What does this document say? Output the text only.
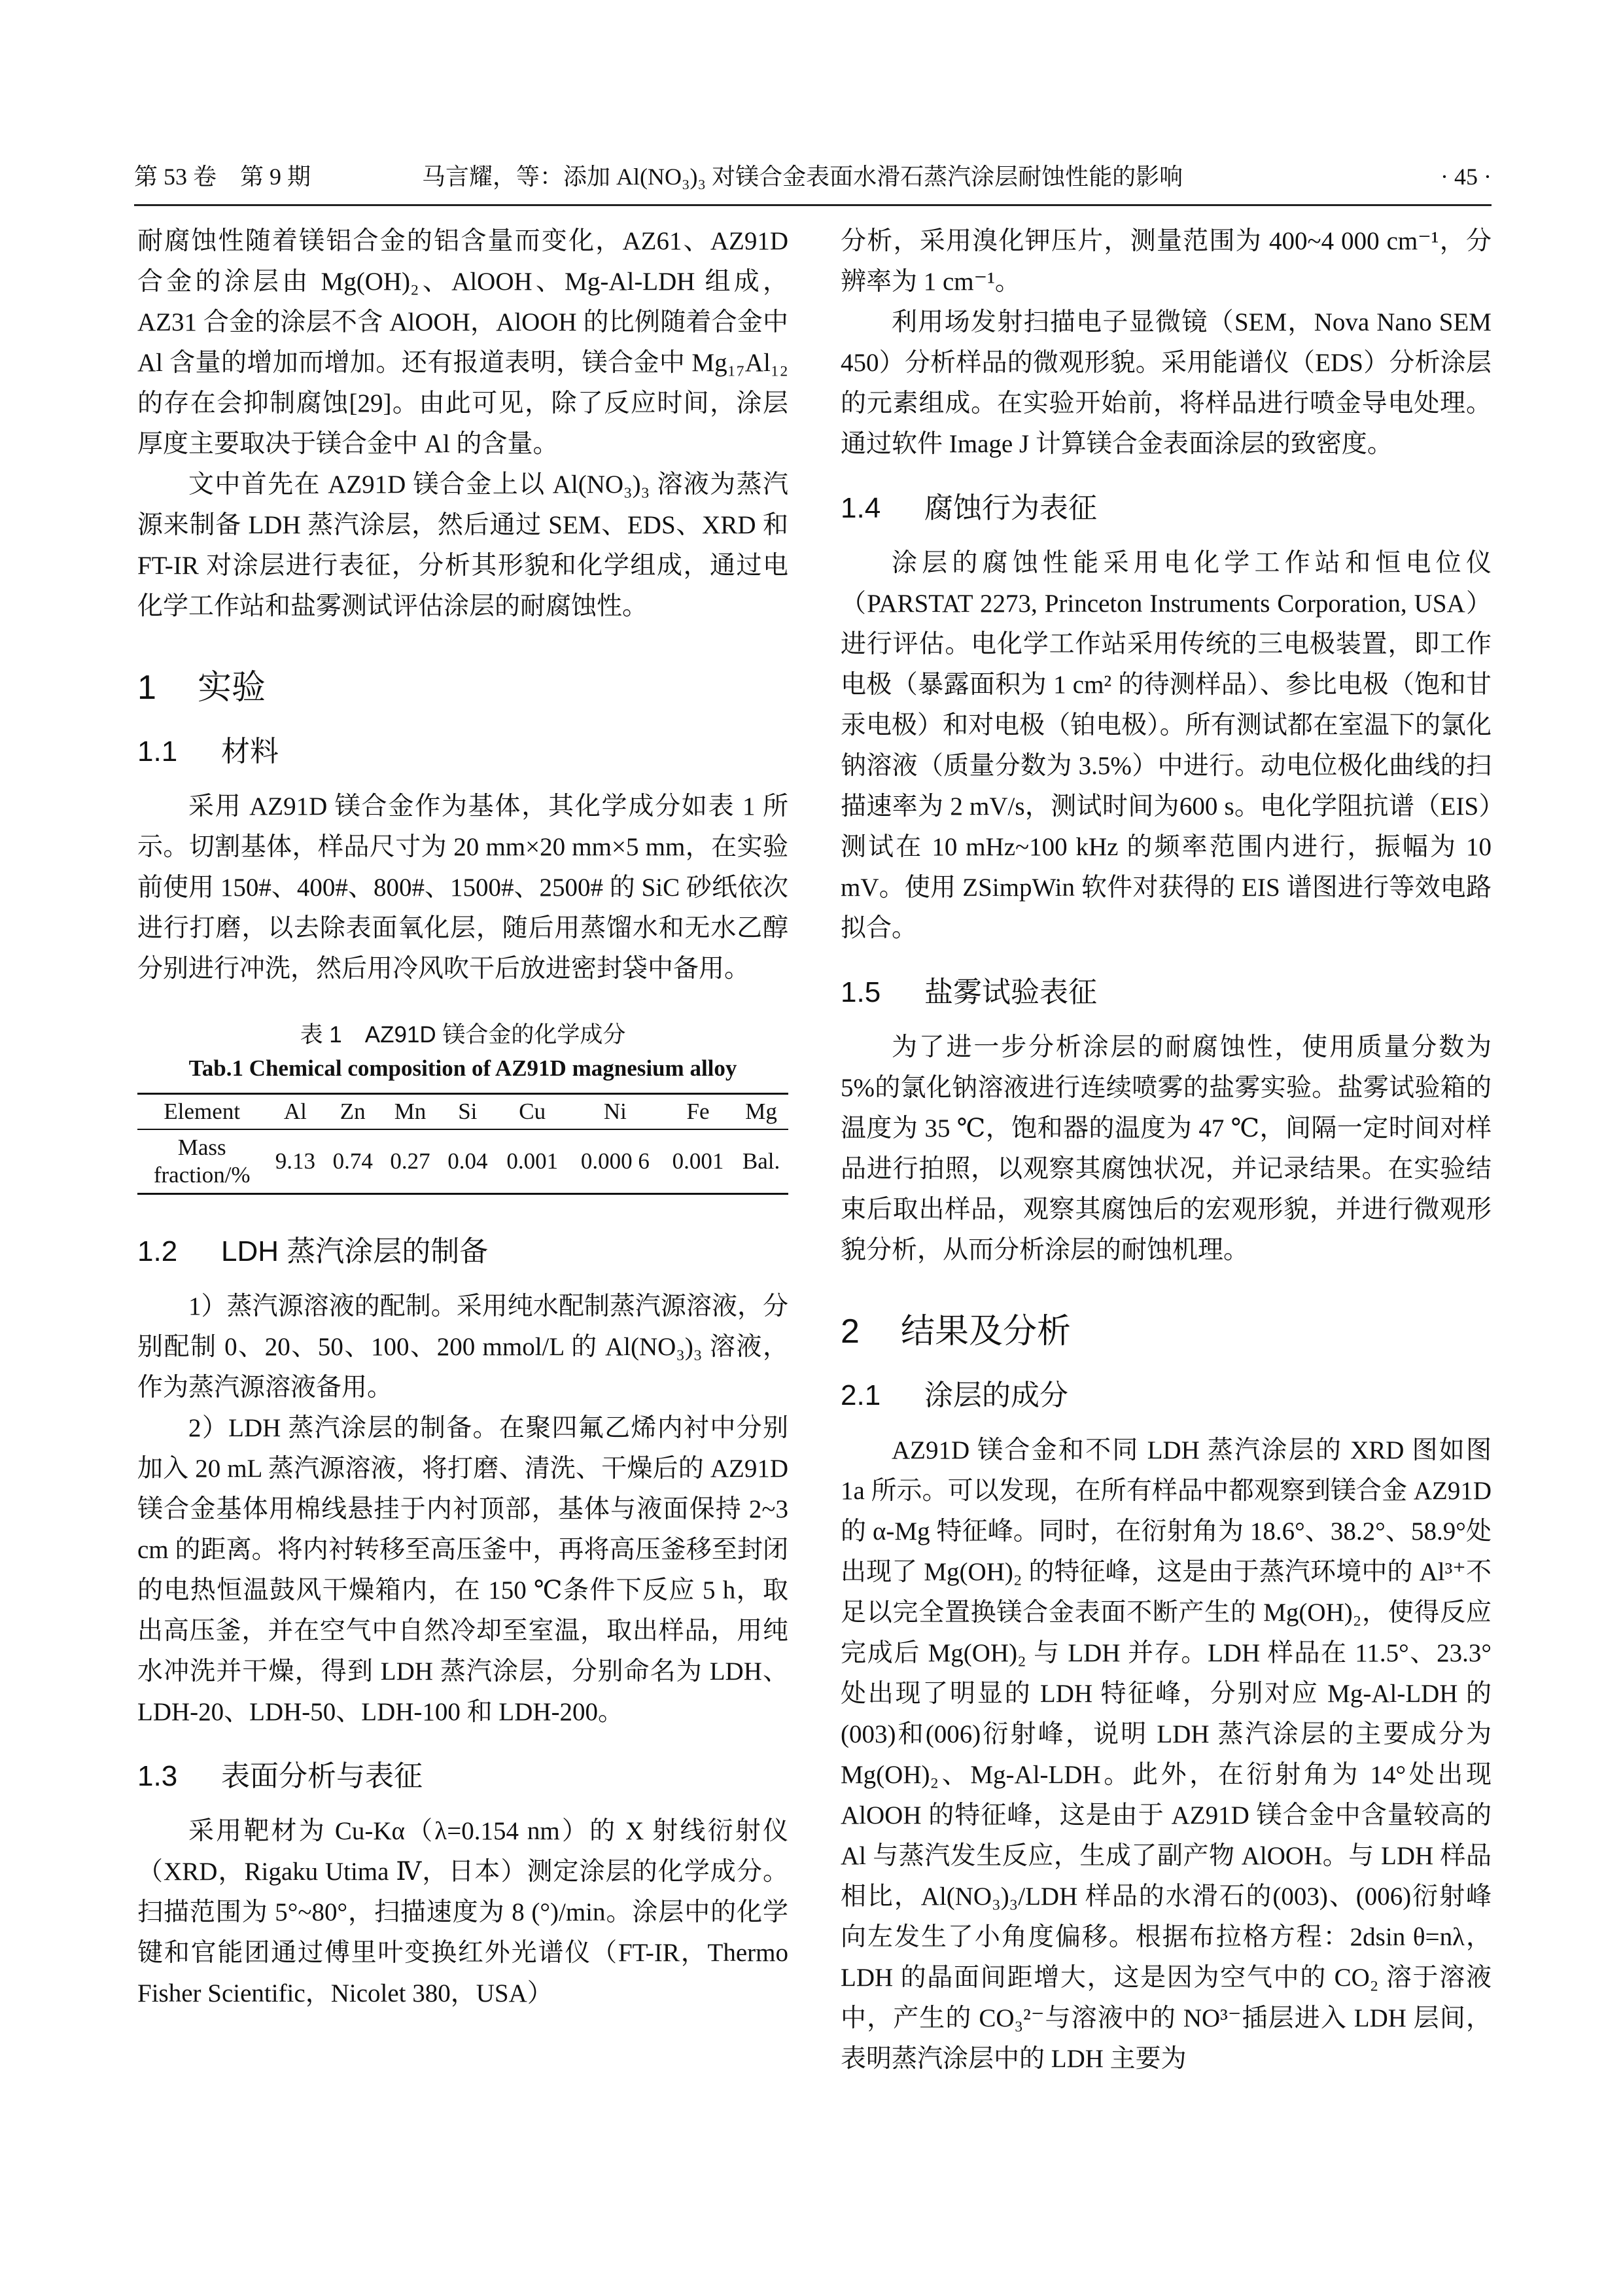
第 53 卷　第 9 期	马言耀，等：添加 Al(NO₃)₃ 对镁合金表面水滑石蒸汽涂层耐蚀性能的影响	· 45 ·

耐腐蚀性随着镁铝合金的铝含量而变化，AZ61、AZ91D 合金的涂层由 Mg(OH)₂、AlOOH、Mg-Al-LDH 组成，AZ31 合金的涂层不含 AlOOH，AlOOH 的比例随着合金中 Al 含量的增加而增加。还有报道表明，镁合金中 Mg₁₇Al₁₂ 的存在会抑制腐蚀[29]。由此可见，除了反应时间，涂层厚度主要取决于镁合金中 Al 的含量。

文中首先在 AZ91D 镁合金上以 Al(NO₃)₃ 溶液为蒸汽源来制备 LDH 蒸汽涂层，然后通过 SEM、EDS、XRD 和 FT-IR 对涂层进行表征，分析其形貌和化学组成，通过电化学工作站和盐雾测试评估涂层的耐腐蚀性。

1 实验
1.1 材料

采用 AZ91D 镁合金作为基体，其化学成分如表 1 所示。切割基体，样品尺寸为 20 mm×20 mm×5 mm，在实验前使用 150#、400#、800#、1500#、2500# 的 SiC 砂纸依次进行打磨，以去除表面氧化层，随后用蒸馏水和无水乙醇分别进行冲洗，然后用冷风吹干后放进密封袋中备用。

表 1　AZ91D 镁合金的化学成分
Tab.1 Chemical composition of AZ91D magnesium alloy
Element	Al	Zn	Mn	Si	Cu	Ni	Fe	Mg
Mass
fraction/%	9.13	0.74	0.27	0.04	0.001	0.000 6	0.001	Bal.
1.2 LDH 蒸汽涂层的制备

1）蒸汽源溶液的配制。采用纯水配制蒸汽源溶液，分别配制 0、20、50、100、200 mmol/L 的 Al(NO₃)₃ 溶液，作为蒸汽源溶液备用。

2）LDH 蒸汽涂层的制备。在聚四氟乙烯内衬中分别加入 20 mL 蒸汽源溶液，将打磨、清洗、干燥后的 AZ91D 镁合金基体用棉线悬挂于内衬顶部，基体与液面保持 2~3 cm 的距离。将内衬转移至高压釜中，再将高压釜移至封闭的电热恒温鼓风干燥箱内，在 150 ℃条件下反应 5 h，取出高压釜，并在空气中自然冷却至室温，取出样品，用纯水冲洗并干燥，得到 LDH 蒸汽涂层，分别命名为 LDH、LDH-20、LDH-50、LDH-100 和 LDH-200。

1.3 表面分析与表征

采用靶材为 Cu-Kα（λ=0.154 nm）的 X 射线衍射仪（XRD，Rigaku Utima Ⅳ，日本）测定涂层的化学成分。扫描范围为 5°~80°，扫描速度为 8 (°)/min。涂层中的化学键和官能团通过傅里叶变换红外光谱仪（FT-IR，Thermo Fisher Scientific，Nicolet 380，USA）

分析，采用溴化钾压片，测量范围为 400~4 000 cm⁻¹，分辨率为 1 cm⁻¹。

利用场发射扫描电子显微镜（SEM，Nova Nano SEM 450）分析样品的微观形貌。采用能谱仪（EDS）分析涂层的元素组成。在实验开始前，将样品进行喷金导电处理。通过软件 Image J 计算镁合金表面涂层的致密度。

1.4 腐蚀行为表征

涂层的腐蚀性能采用电化学工作站和恒电位仪（PARSTAT 2273, Princeton Instruments Corporation, USA）进行评估。电化学工作站采用传统的三电极装置，即工作电极（暴露面积为 1 cm² 的待测样品）、参比电极（饱和甘汞电极）和对电极（铂电极）。所有测试都在室温下的氯化钠溶液（质量分数为 3.5%）中进行。动电位极化曲线的扫描速率为 2 mV/s，测试时间为600 s。电化学阻抗谱（EIS）测试在 10 mHz~100 kHz 的频率范围内进行，振幅为 10 mV。使用 ZSimpWin 软件对获得的 EIS 谱图进行等效电路拟合。

1.5 盐雾试验表征

为了进一步分析涂层的耐腐蚀性，使用质量分数为 5%的氯化钠溶液进行连续喷雾的盐雾实验。盐雾试验箱的温度为 35 ℃，饱和器的温度为 47 ℃，间隔一定时间对样品进行拍照，以观察其腐蚀状况，并记录结果。在实验结束后取出样品，观察其腐蚀后的宏观形貌，并进行微观形貌分析，从而分析涂层的耐蚀机理。

2 结果及分析
2.1 涂层的成分

AZ91D 镁合金和不同 LDH 蒸汽涂层的 XRD 图如图 1a 所示。可以发现，在所有样品中都观察到镁合金 AZ91D 的 α-Mg 特征峰。同时，在衍射角为 18.6°、38.2°、58.9°处出现了 Mg(OH)₂ 的特征峰，这是由于蒸汽环境中的 Al³⁺不足以完全置换镁合金表面不断产生的 Mg(OH)₂，使得反应完成后 Mg(OH)₂ 与 LDH 并存。LDH 样品在 11.5°、23.3°处出现了明显的 LDH 特征峰，分别对应 Mg-Al-LDH 的(003)和(006)衍射峰，说明 LDH 蒸汽涂层的主要成分为 Mg(OH)₂、Mg-Al-LDH。此外，在衍射角为 14°处出现 AlOOH 的特征峰，这是由于 AZ91D 镁合金中含量较高的 Al 与蒸汽发生反应，生成了副产物 AlOOH。与 LDH 样品相比，Al(NO₃)₃/LDH 样品的水滑石的(003)、(006)衍射峰向左发生了小角度偏移。根据布拉格方程：2dsin θ=nλ，LDH 的晶面间距增大，这是因为空气中的 CO₂ 溶于溶液中，产生的 CO₃²⁻与溶液中的 NO³⁻插层进入 LDH 层间，表明蒸汽涂层中的 LDH 主要为
